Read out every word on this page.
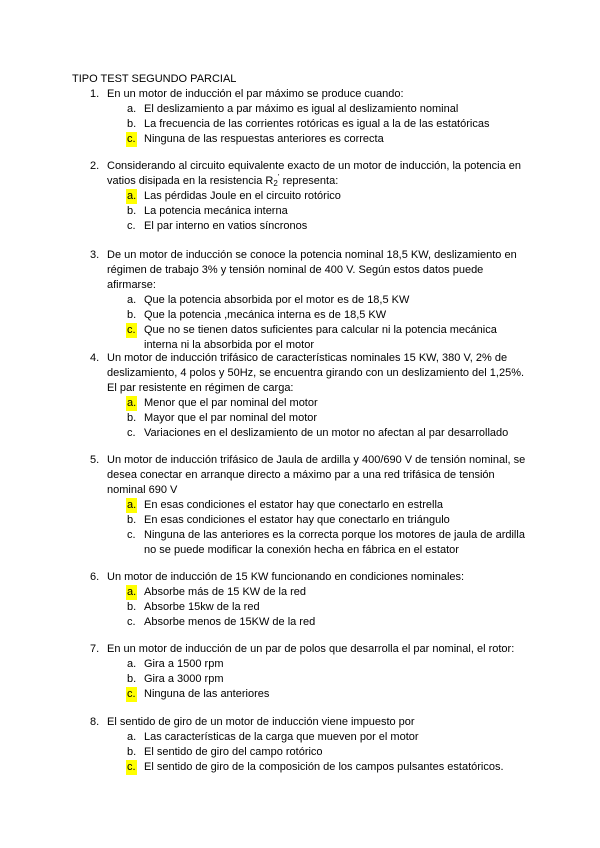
TIPO TEST SEGUNDO PARCIAL
1. En un motor de inducción el par máximo se produce cuando:
a. El deslizamiento a par máximo es igual al deslizamiento nominal
b. La frecuencia de las corrientes rotóricas es igual a la de las estatóricas
c. Ninguna de las respuestas anteriores es correcta
2. Considerando al circuito equivalente exacto de un motor de inducción, la potencia en vatios disipada en la resistencia $R_2^’$ representa:
a. Las pérdidas Joule en el circuito rotórico
b. La potencia mecánica interna
c. El par interno en vatios síncronos
3. De un motor de inducción se conoce la potencia nominal 18,5 KW, deslizamiento en régimen de trabajo 3% y tensión nominal de 400 V. Según estos datos puede afirmarse:
a. Que la potencia absorbida por el motor es de 18,5 KW
b. Que la potencia ,mecánica interna es de 18,5 KW
c. Que no se tienen datos suficientes para calcular ni la potencia mecánica interna ni la absorbida por el motor
4. Un motor de inducción trifásico de características nominales 15 KW, 380 V, 2% de deslizamiento, 4 polos y 50Hz, se encuentra girando con un deslizamiento del 1,25%. El par resistente en régimen de carga:
a. Menor que el par nominal del motor
b. Mayor que el par nominal del motor
c. Variaciones en el deslizamiento de un motor no afectan al par desarrollado
5. Un motor de inducción trifásico de Jaula de ardilla y 400/690 V de tensión nominal, se desea conectar en arranque directo a máximo par a una red trifásica de tensión nominal 690 V
a. En esas condiciones el estator hay que conectarlo en estrella
b. En esas condiciones el estator hay que conectarlo en triángulo
c. Ninguna de las anteriores es la correcta porque los motores de jaula de ardilla no se puede modificar la conexión hecha en fábrica en el estator
6. Un motor de inducción de 15 KW funcionando en condiciones nominales:
a. Absorbe más de 15 KW de la red
b. Absorbe 15kw de la red
c. Absorbe menos de 15KW de la red
7. En un motor de inducción de un par de polos que desarrolla el par nominal, el rotor:
a. Gira a 1500 rpm
b. Gira a 3000 rpm
c. Ninguna de las anteriores
8. El sentido de giro de un motor de inducción viene impuesto por
a. Las características de la carga que mueven por el motor
b. El sentido de giro del campo rotórico
c. El sentido de giro de la composición de los campos pulsantes estatóricos.
